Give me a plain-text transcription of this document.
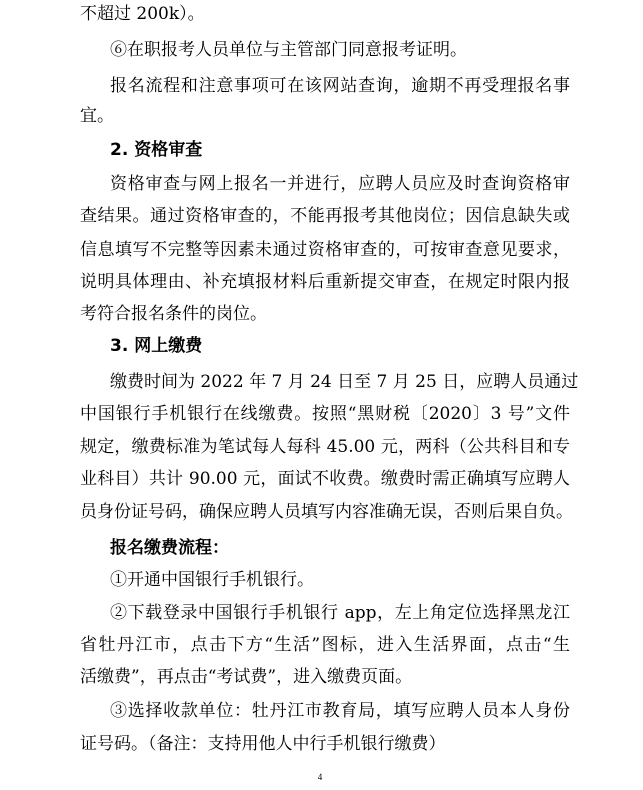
不超过 200k）。
⑥在职报考人员单位与主管部门同意报考证明。
报名流程和注意事项可在该网站查询，逾期不再受理报名事
宜。
2. 资格审查
资格审查与网上报名一并进行，应聘人员应及时查询资格审
查结果。通过资格审查的，不能再报考其他岗位；因信息缺失或
信息填写不完整等因素未通过资格审查的，可按审查意见要求，
说明具体理由、补充填报材料后重新提交审查，在规定时限内报
考符合报名条件的岗位。
3. 网上缴费
缴费时间为 2022 年 7 月 24 日至 7 月 25 日，应聘人员通过
中国银行手机银行在线缴费。按照“黑财税〔2020〕3 号”文件
规定，缴费标准为笔试每人每科 45.00 元，两科（公共科目和专
业科目）共计 90.00 元，面试不收费。缴费时需正确填写应聘人
员身份证号码，确保应聘人员填写内容准确无误，否则后果自负。
报名缴费流程：
①开通中国银行手机银行。
②下载登录中国银行手机银行 app，左上角定位选择黑龙江
省牡丹江市，点击下方“生活”图标，进入生活界面，点击“生
活缴费”，再点击“考试费”，进入缴费页面。
③选择收款单位：牡丹江市教育局，填写应聘人员本人身份
证号码。（备注：支持用他人中行手机银行缴费）
4
